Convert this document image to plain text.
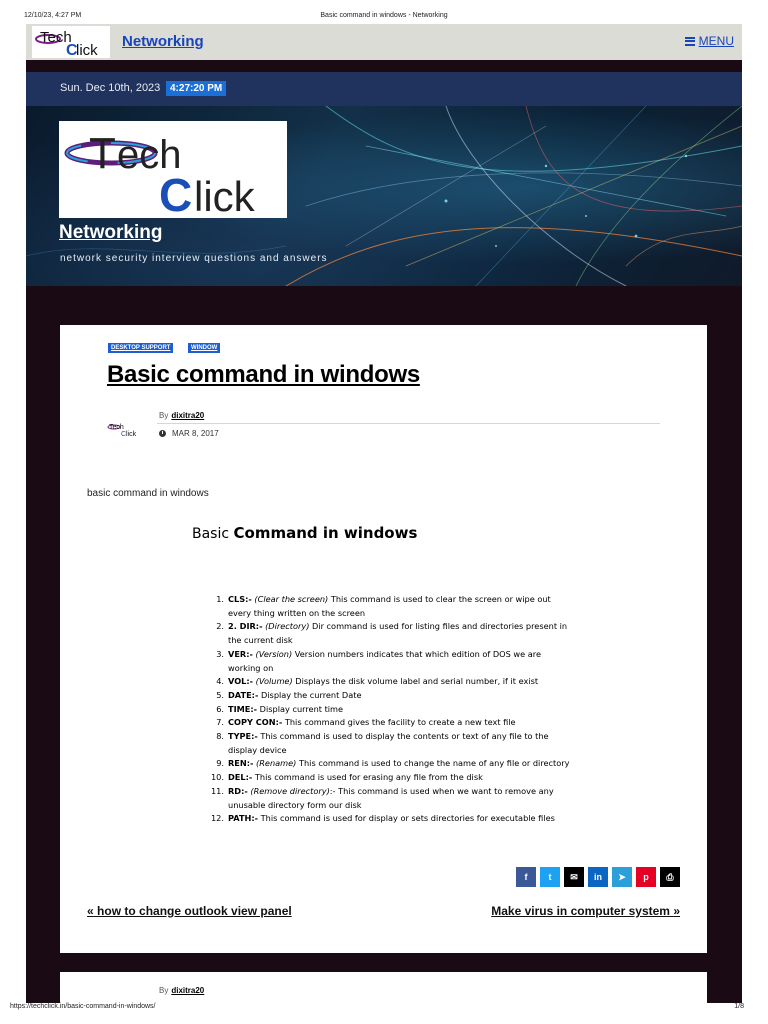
12/10/23, 4:27 PM	Basic command in windows - Networking
Tech
C
lick
Networking	MENU
Sun. Dec 10th, 2023 4:27:20 PM
T ech
C lick
Networking
network security interview questions and answers
DESKTOP SUPPORT	WINDOW
Basic command in windows
Tech
C lick
By dixitra20
MAR 8, 2017

basic command in windows

Basic Command in windows
1. CLS:- (Clear the screen) This command is used to clear the screen or wipe out every thing written on the screen
2. 2. DIR:- (Directory) Dir command is used for listing files and directories present in the current disk
3. VER:- (Version) Version numbers indicates that which edition of DOS we are working on
4. VOL:- (Volume) Displays the disk volume label and serial number, if it exist
5. DATE:- Display the current Date
6. TIME:- Display current time
7. COPY CON:- This command gives the facility to create a new text file
8. TYPE:- This command is used to display the contents or text of any file to the display device
9. REN:- (Rename) This command is used to change the name of any file or directory
10. DEL:- This command is used for erasing any file from the disk
11. RD:- (Remove directory):- This command is used when we want to remove any unusable directory form our disk
12. PATH:- This command is used for display or sets directories for executable files
f t ✉ in ➤ p ⎙
« how to change outlook view panel	Make virus in computer system »
By dixitra20
https://techclick.in/basic-command-in-windows/	1/8
